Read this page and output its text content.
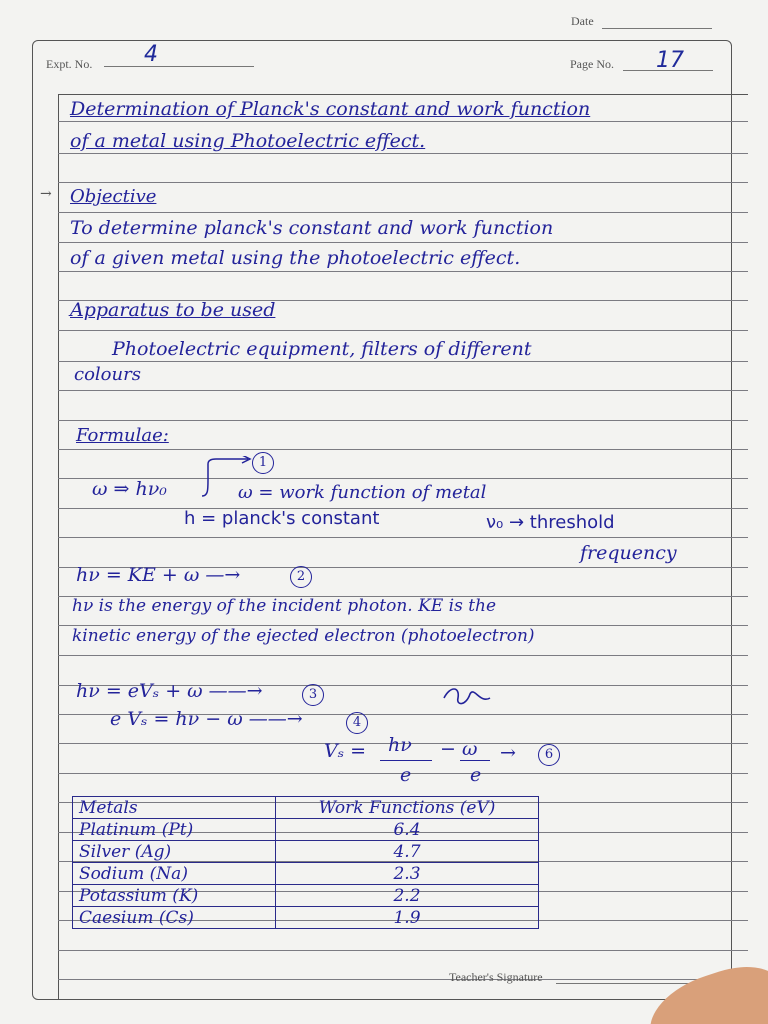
Date
Expt. No. 4	Page No. 17
Determination of Planck's constant and work function
of a metal using Photoelectric effect.
→ Objective
To determine planck's constant and work function
of a given metal using the photoelectric effect.
Apparatus to be used
Photoelectric equipment, filters of different
colours
Formulae:
ω ⇒ hν₀
1
ω = work function of metal
h = planck's constant	ν₀ → threshold
frequency
hν = KE + ω —→	2
hν is the energy of the incident photon. KE is the
kinetic energy of the ejected electron (photoelectron)
hν = eVₛ + ω ——→	3
e Vₛ = hν − ω ——→	4
Vₛ = hν
e
− ω
e
→	6
Metals	Work Functions (eV)
Platinum (Pt)	6.4
Silver (Ag)	4.7
Sodium (Na)	2.3
Potassium (K)	2.2
Caesium (Cs)	1.9
Teacher's Signature
